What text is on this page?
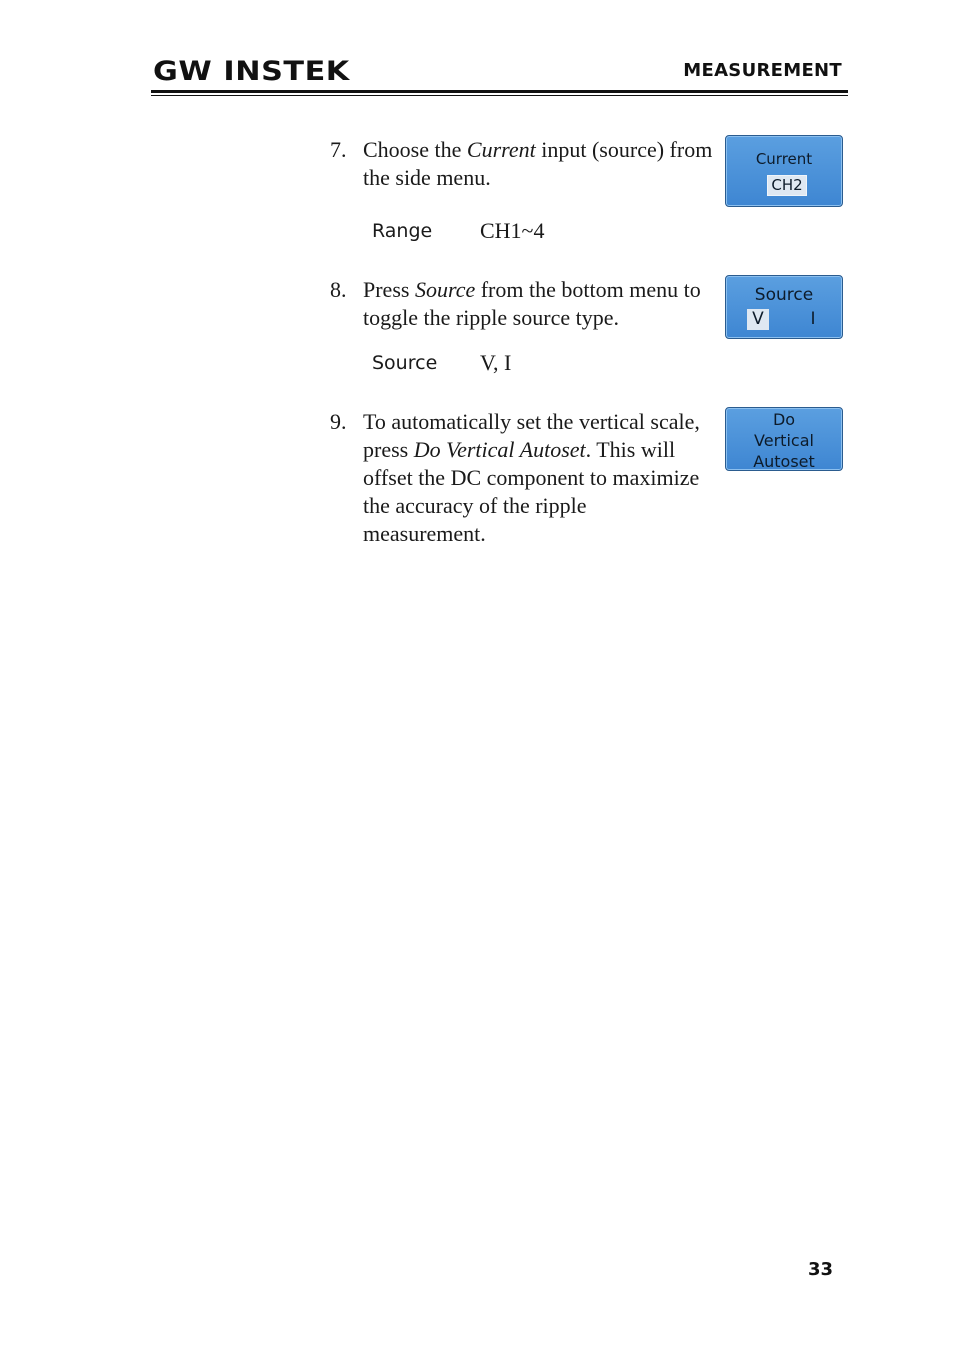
GW INSTEK	MEASUREMENT
7. Choose the Current input (source) from the side menu.
Range CH1~4
8. Press Source from the bottom menu to toggle the ripple source type.
Source V, I
9. To automatically set the vertical scale, press Do Vertical Autoset. This will offset the DC component to maximize the accuracy of the ripple measurement.
Current
CH2
Source
V	I
Do
Vertical
Autoset
33
